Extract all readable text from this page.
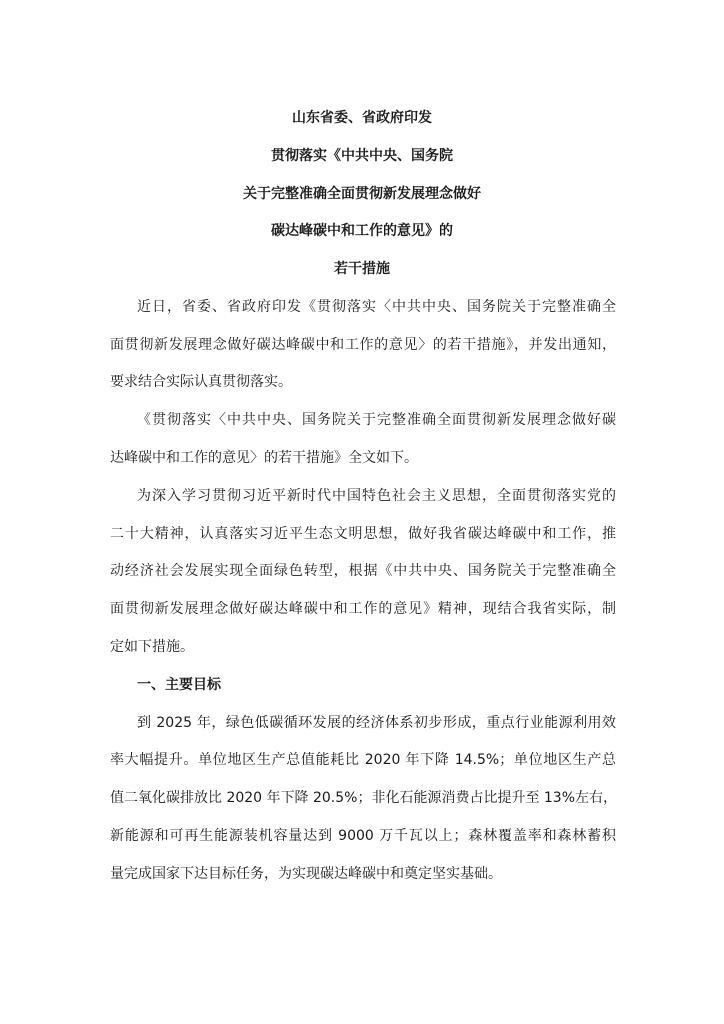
山东省委、省政府印发
贯彻落实《中共中央、国务院
关于完整准确全面贯彻新发展理念做好
碳达峰碳中和工作的意见》的
若干措施
近日，省委、省政府印发《贯彻落实〈中共中央、国务院关于完整准确全
面贯彻新发展理念做好碳达峰碳中和工作的意见〉的若干措施》，并发出通知，
要求结合实际认真贯彻落实。
《贯彻落实〈中共中央、国务院关于完整准确全面贯彻新发展理念做好碳
达峰碳中和工作的意见〉的若干措施》全文如下。
为深入学习贯彻习近平新时代中国特色社会主义思想，全面贯彻落实党的
二十大精神，认真落实习近平生态文明思想，做好我省碳达峰碳中和工作，推
动经济社会发展实现全面绿色转型，根据《中共中央、国务院关于完整准确全
面贯彻新发展理念做好碳达峰碳中和工作的意见》精神，现结合我省实际，制
定如下措施。
一、主要目标
到 2025 年，绿色低碳循环发展的经济体系初步形成，重点行业能源利用效
率大幅提升。单位地区生产总值能耗比 2020 年下降 14.5%；单位地区生产总
值二氧化碳排放比 2020 年下降 20.5%；非化石能源消费占比提升至 13%左右，
新能源和可再生能源装机容量达到 9000 万千瓦以上；森林覆盖率和森林蓄积
量完成国家下达目标任务，为实现碳达峰碳中和奠定坚实基础。
